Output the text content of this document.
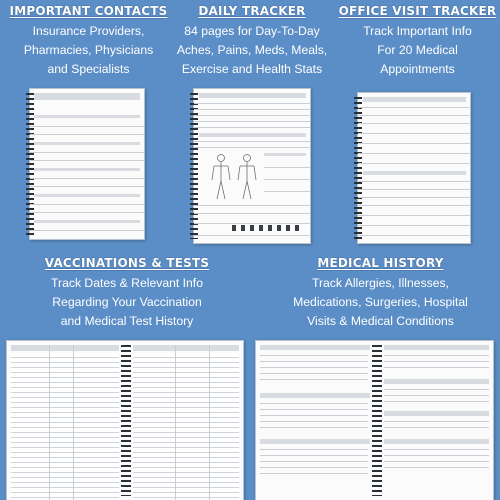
IMPORTANT CONTACTS
Insurance Providers,
Pharmacies, Physicians
and Specialists
DAILY TRACKER
84 pages for Day-To-Day
Aches, Pains, Meds, Meals,
Exercise and Health Stats
OFFICE VISIT TRACKER
Track Important Info
For 20 Medical
Appointments
VACCINATIONS & TESTS
Track Dates & Relevant Info
Regarding Your Vaccination
and Medical Test History
MEDICAL HISTORY
Track Allergies, Illnesses,
Medications, Surgeries, Hospital
Visits & Medical Conditions
